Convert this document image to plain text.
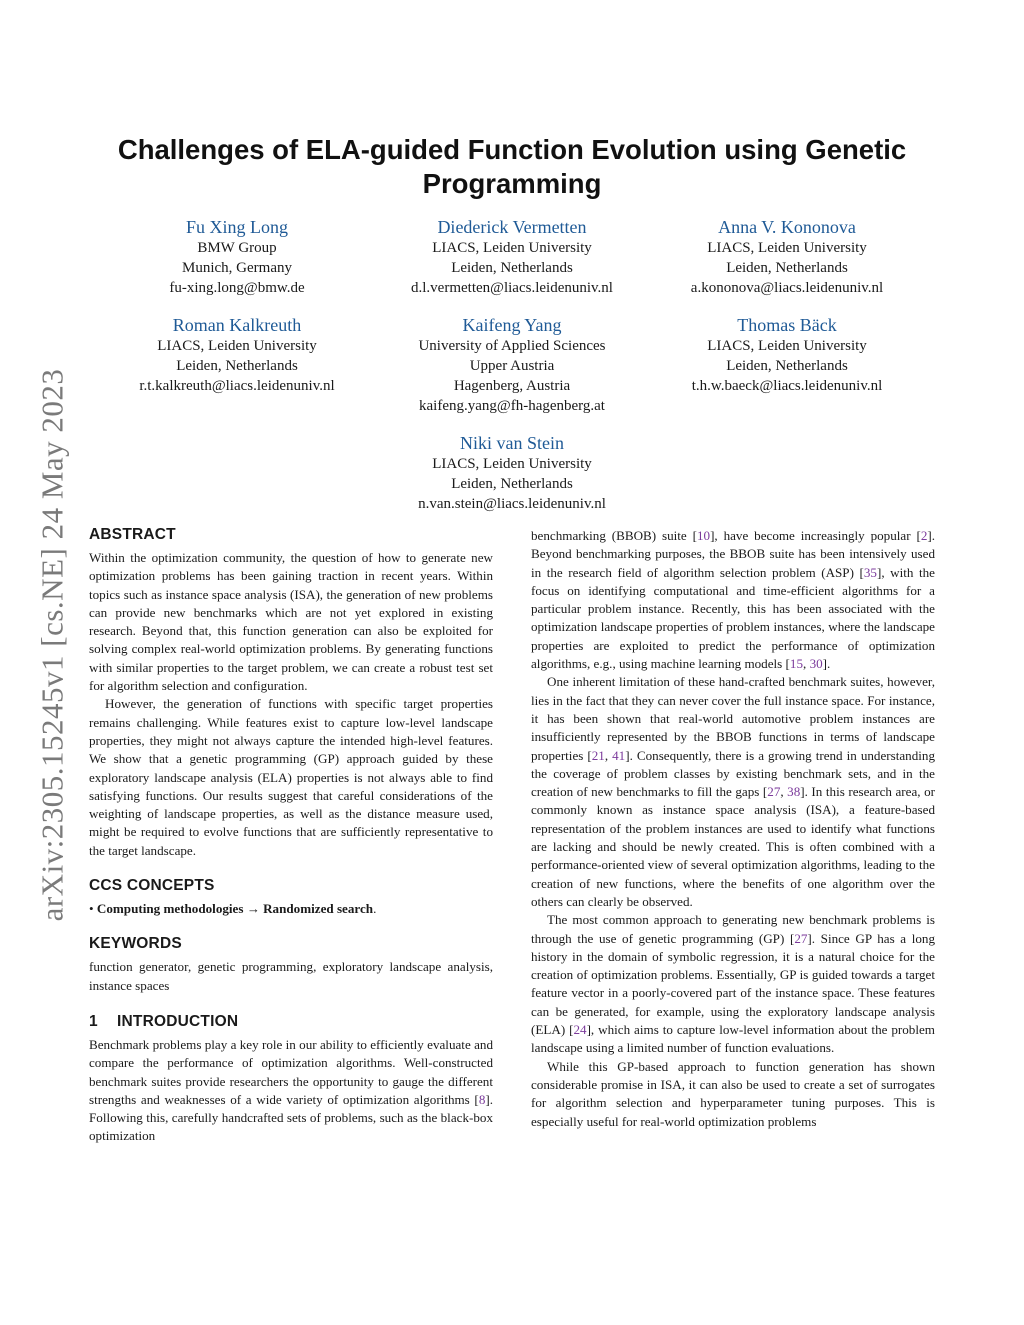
arXiv:2305.15245v1 [cs.NE] 24 May 2023
Challenges of ELA-guided Function Evolution using Genetic Programming
Fu Xing Long
BMW Group
Munich, Germany
fu-xing.long@bmw.de
Diederick Vermetten
LIACS, Leiden University
Leiden, Netherlands
d.l.vermetten@liacs.leidenuniv.nl
Anna V. Kononova
LIACS, Leiden University
Leiden, Netherlands
a.kononova@liacs.leidenuniv.nl
Roman Kalkreuth
LIACS, Leiden University
Leiden, Netherlands
r.t.kalkreuth@liacs.leidenuniv.nl
Kaifeng Yang
University of Applied Sciences
Upper Austria
Hagenberg, Austria
kaifeng.yang@fh-hagenberg.at
Thomas Bäck
LIACS, Leiden University
Leiden, Netherlands
t.h.w.baeck@liacs.leidenuniv.nl
Niki van Stein
LIACS, Leiden University
Leiden, Netherlands
n.van.stein@liacs.leidenuniv.nl
ABSTRACT

Within the optimization community, the question of how to generate new optimization problems has been gaining traction in recent years. Within topics such as instance space analysis (ISA), the generation of new problems can provide new benchmarks which are not yet explored in existing research. Beyond that, this function generation can also be exploited for solving complex real-world optimization problems. By generating functions with similar properties to the target problem, we can create a robust test set for algorithm selection and configuration.

However, the generation of functions with specific target properties remains challenging. While features exist to capture low-level landscape properties, they might not always capture the intended high-level features. We show that a genetic programming (GP) approach guided by these exploratory landscape analysis (ELA) properties is not always able to find satisfying functions. Our results suggest that careful considerations of the weighting of landscape properties, as well as the distance measure used, might be required to evolve functions that are sufficiently representative to the target landscape.

CCS CONCEPTS

• Computing methodologies → Randomized search.

KEYWORDS

function generator, genetic programming, exploratory landscape analysis, instance spaces

1 INTRODUCTION

Benchmark problems play a key role in our ability to efficiently evaluate and compare the performance of optimization algorithms. Well-constructed benchmark suites provide researchers the opportunity to gauge the different strengths and weaknesses of a wide variety of optimization algorithms [8]. Following this, carefully handcrafted sets of problems, such as the black-box optimization

benchmarking (BBOB) suite [10], have become increasingly popular [2]. Beyond benchmarking purposes, the BBOB suite has been intensively used in the research field of algorithm selection problem (ASP) [35], with the focus on identifying computational and time-efficient algorithms for a particular problem instance. Recently, this has been associated with the optimization landscape properties of problem instances, where the landscape properties are exploited to predict the performance of optimization algorithms, e.g., using machine learning models [15, 30].

One inherent limitation of these hand-crafted benchmark suites, however, lies in the fact that they can never cover the full instance space. For instance, it has been shown that real-world automotive problem instances are insufficiently represented by the BBOB functions in terms of landscape properties [21, 41]. Consequently, there is a growing trend in understanding the coverage of problem classes by existing benchmark sets, and in the creation of new benchmarks to fill the gaps [27, 38]. In this research area, or commonly known as instance space analysis (ISA), a feature-based representation of the problem instances are used to identify what functions are lacking and should be newly created. This is often combined with a performance-oriented view of several optimization algorithms, leading to the creation of new functions, where the benefits of one algorithm over the others can clearly be observed.

The most common approach to generating new benchmark problems is through the use of genetic programming (GP) [27]. Since GP has a long history in the domain of symbolic regression, it is a natural choice for the creation of optimization problems. Essentially, GP is guided towards a target feature vector in a poorly-covered part of the instance space. These features can be generated, for example, using the exploratory landscape analysis (ELA) [24], which aims to capture low-level information about the problem landscape using a limited number of function evaluations.

While this GP-based approach to function generation has shown considerable promise in ISA, it can also be used to create a set of surrogates for algorithm selection and hyperparameter tuning purposes. This is especially useful for real-world optimization problems
